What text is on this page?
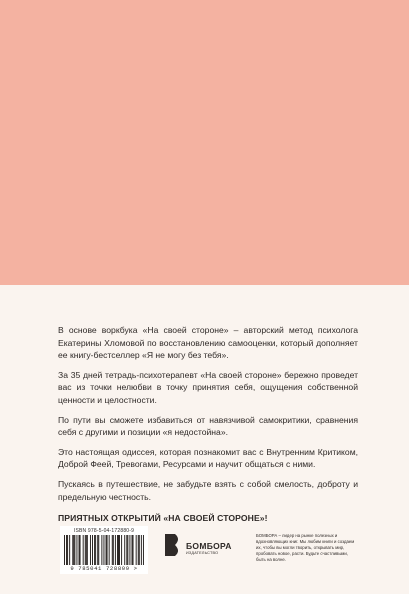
В основе воркбука «На своей стороне» – авторский метод психолога Екатерины Хломовой по восстановлению самооценки, который дополняет ее книгу-бестселлер «Я не могу без тебя».

За 35 дней тетрадь-психотерапевт «На своей стороне» бережно проведет вас из точки нелюбви в точку принятия себя, ощущения собственной ценности и целостности.

По пути вы сможете избавиться от навязчивой самокритики, сравнения себя с другими и позиции «я недостойна».

Это настоящая одиссея, которая познакомит вас с Внутренним Критиком, Доброй Феей, Тревогами, Ресурсами и научит общаться с ними.

Пускаясь в путешествие, не забудьте взять с собой смелость, доброту и предельную честность.

ПРИЯТНЫХ ОТКРЫТИЙ «НА СВОЕЙ СТОРОНЕ»!

ISBN 978-5-04-172880-9
9 785041 728809 >
БОМБОРА
ИЗДАТЕЛЬСТВО
БОМБОРА – лидер на рынке полезных и вдохновляющих книг. Мы любим книги и создаем их, чтобы вы могли творить, открывать мир, пробовать новое, расти. Будьте счастливыми, быть на волне.
